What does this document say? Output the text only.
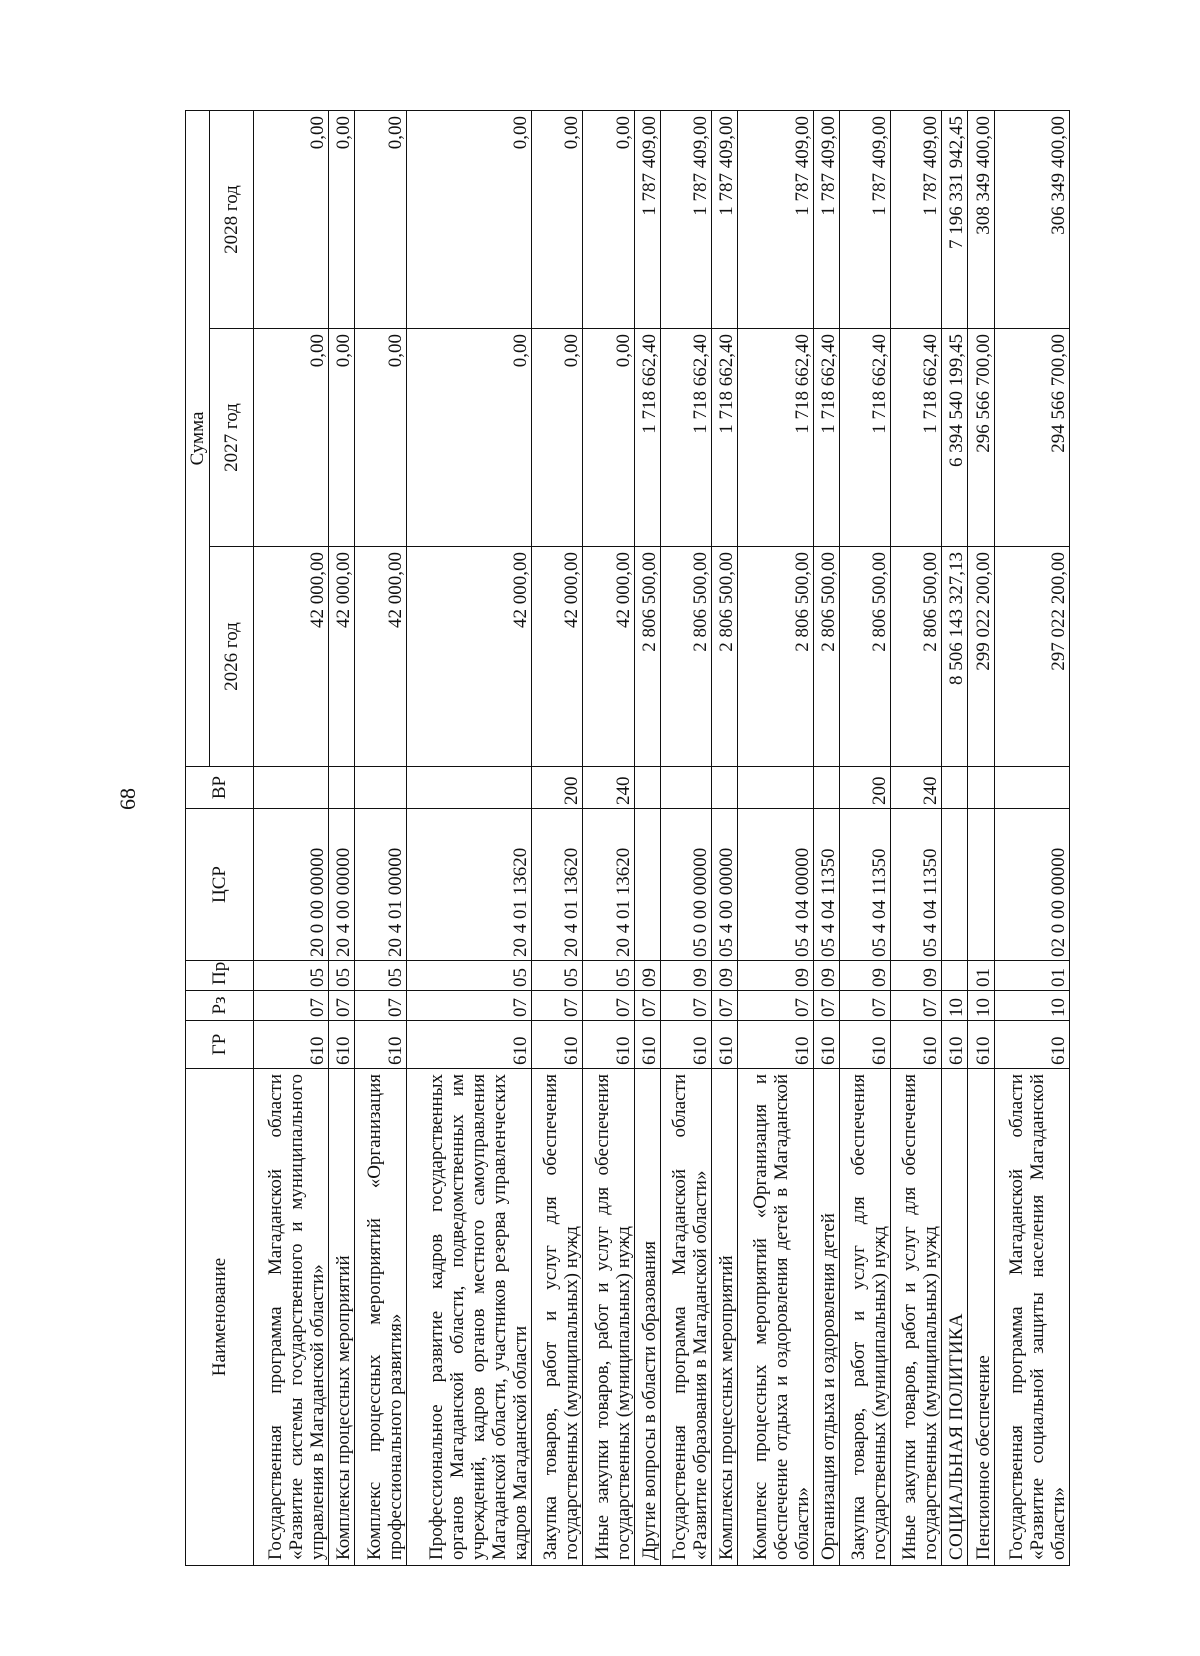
68
Наименование	ГР	Рз	Пр	ЦСР	ВР	Сумма		
						2026 год	2027 год	2028 год
Государственная программа Магаданской области «Развитие системы государственного и муниципального управления в Магаданской области»	610	07	05	20 0 00 00000		42 000,00	0,00	0,00
Комплексы процессных мероприятий	610	07	05	20 4 00 00000		42 000,00	0,00	0,00
Комплекс процессных мероприятий «Организация профессионального развития»	610	07	05	20 4 01 00000		42 000,00	0,00	0,00
Профессиональное развитие кадров государственных органов Магаданской области, подведомственных им учреждений, кадров органов местного самоуправления Магаданской области, участников резерва управленческих кадров Магаданской области	610	07	05	20 4 01 13620		42 000,00	0,00	0,00
Закупка товаров, работ и услуг для обеспечения государственных (муниципальных) нужд	610	07	05	20 4 01 13620	200	42 000,00	0,00	0,00
Иные закупки товаров, работ и услуг для обеспечения государственных (муниципальных) нужд	610	07	05	20 4 01 13620	240	42 000,00	0,00	0,00
Другие вопросы в области образования	610	07	09			2 806 500,00	1 718 662,40	1 787 409,00
Государственная программа Магаданской области «Развитие образования в Магаданской области»	610	07	09	05 0 00 00000		2 806 500,00	1 718 662,40	1 787 409,00
Комплексы процессных мероприятий	610	07	09	05 4 00 00000		2 806 500,00	1 718 662,40	1 787 409,00
Комплекс процессных мероприятий «Организация и обеспечение отдыха и оздоровления детей в Магаданской области»	610	07	09	05 4 04 00000		2 806 500,00	1 718 662,40	1 787 409,00
Организация отдыха и оздоровления детей	610	07	09	05 4 04 11350		2 806 500,00	1 718 662,40	1 787 409,00
Закупка товаров, работ и услуг для обеспечения государственных (муниципальных) нужд	610	07	09	05 4 04 11350	200	2 806 500,00	1 718 662,40	1 787 409,00
Иные закупки товаров, работ и услуг для обеспечения государственных (муниципальных) нужд	610	07	09	05 4 04 11350	240	2 806 500,00	1 718 662,40	1 787 409,00
СОЦИАЛЬНАЯ ПОЛИТИКА	610	10				8 506 143 327,13	6 394 540 199,45	7 196 331 942,45
Пенсионное обеспечение	610	10	01			299 022 200,00	296 566 700,00	308 349 400,00
Государственная программа Магаданской области «Развитие социальной защиты населения Магаданской области»	610	10	01	02 0 00 00000		297 022 200,00	294 566 700,00	306 349 400,00
